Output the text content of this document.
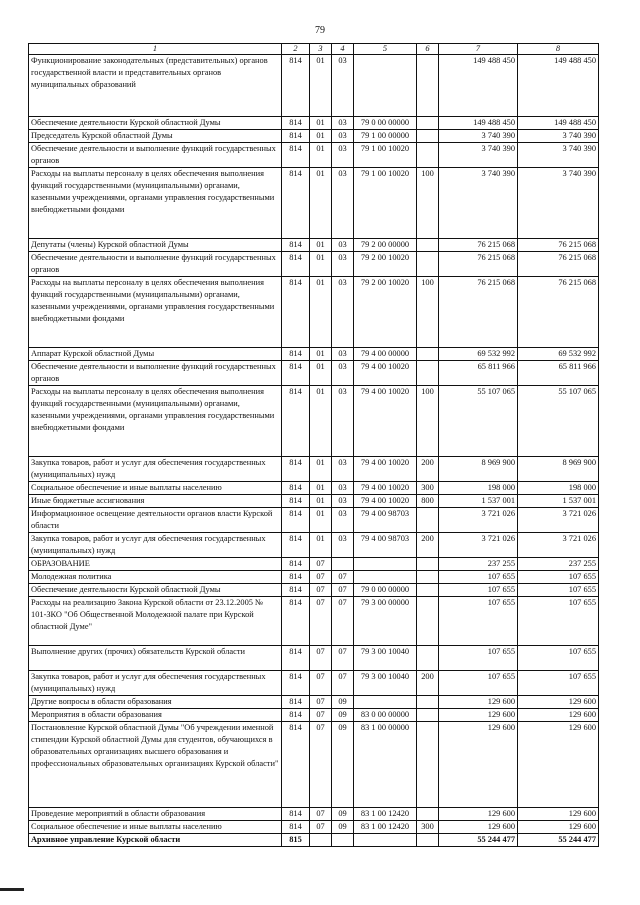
79
1	2	3	4	5	6	7	8
Функционирование законодательных (представительных) органов государственной власти и представительных органов муниципальных образований	814	01	03			149 488 450	149 488 450
Обеспечение деятельности Курской областной Думы	814	01	03	79 0 00 00000		149 488 450	149 488 450
Председатель Курской областной Думы	814	01	03	79 1 00 00000		3 740 390	3 740 390
Обеспечение деятельности и выполнение функций государственных органов	814	01	03	79 1 00 10020		3 740 390	3 740 390
Расходы на выплаты персоналу в целях обеспечения выполнения функций государственными (муниципальными) органами, казенными учреждениями, органами управления государственными внебюджетными фондами	814	01	03	79 1 00 10020	100	3 740 390	3 740 390
Депутаты (члены) Курской областной Думы	814	01	03	79 2 00 00000		76 215 068	76 215 068
Обеспечение деятельности и выполнение функций государственных органов	814	01	03	79 2 00 10020		76 215 068	76 215 068
Расходы на выплаты персоналу в целях обеспечения выполнения функций государственными (муниципальными) органами, казенными учреждениями, органами управления государственными внебюджетными фондами	814	01	03	79 2 00 10020	100	76 215 068	76 215 068
Аппарат Курской областной Думы	814	01	03	79 4 00 00000		69 532 992	69 532 992
Обеспечение деятельности и выполнение функций государственных органов	814	01	03	79 4 00 10020		65 811 966	65 811 966
Расходы на выплаты персоналу в целях обеспечения выполнения функций государственными (муниципальными) органами, казенными учреждениями, органами управления государственными внебюджетными фондами	814	01	03	79 4 00 10020	100	55 107 065	55 107 065
Закупка товаров, работ и услуг для обеспечения государственных (муниципальных) нужд	814	01	03	79 4 00 10020	200	8 969 900	8 969 900
Социальное обеспечение и иные выплаты населению	814	01	03	79 4 00 10020	300	198 000	198 000
Иные бюджетные ассигнования	814	01	03	79 4 00 10020	800	1 537 001	1 537 001
Информационное освещение деятельности органов власти Курской области	814	01	03	79 4 00 98703		3 721 026	3 721 026
Закупка товаров, работ и услуг для обеспечения государственных (муниципальных) нужд	814	01	03	79 4 00 98703	200	3 721 026	3 721 026
ОБРАЗОВАНИЕ	814	07				237 255	237 255
Молодежная политика	814	07	07			107 655	107 655
Обеспечение деятельности Курской областной Думы	814	07	07	79 0 00 00000		107 655	107 655
Расходы на реализацию Закона Курской области от 23.12.2005 № 101-ЗКО "Об Общественной Молодежной палате при Курской областной Думе"	814	07	07	79 3 00 00000		107 655	107 655
Выполнение других (прочих) обязательств Курской области	814	07	07	79 3 00 10040		107 655	107 655
Закупка товаров, работ и услуг для обеспечения государственных (муниципальных) нужд	814	07	07	79 3 00 10040	200	107 655	107 655
Другие вопросы в области образования	814	07	09			129 600	129 600
Мероприятия в области образования	814	07	09	83 0 00 00000		129 600	129 600
Постановление Курской областной Думы "Об учреждении именной стипендии Курской областной Думы для студентов, обучающихся в образовательных организациях высшего образования и профессиональных образовательных организациях Курской области"	814	07	09	83 1 00 00000		129 600	129 600
Проведение мероприятий в области образования	814	07	09	83 1 00 12420		129 600	129 600
Социальное обеспечение и иные выплаты населению	814	07	09	83 1 00 12420	300	129 600	129 600
Архивное управление Курской области	815					55 244 477	55 244 477
